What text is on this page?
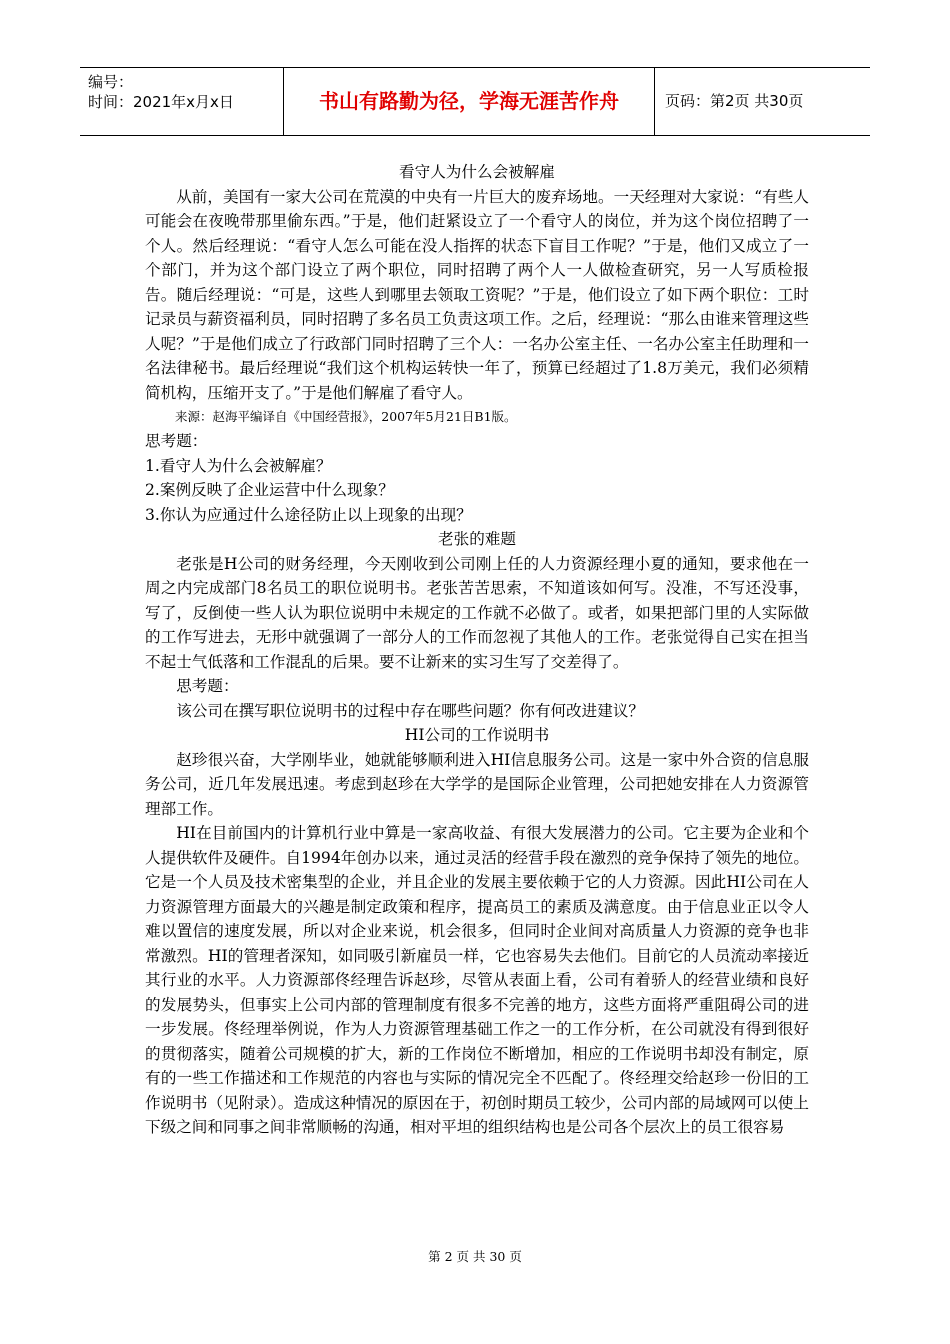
编号：
时间：2021年x月x日	书山有路勤为径，学海无涯苦作舟	页码：第2页 共30页

看守人为什么会被解雇

从前，美国有一家大公司在荒漠的中央有一片巨大的废弃场地。一天经理对大家说：“有些人可能会在夜晚带那里偷东西。”于是，他们赶紧设立了一个看守人的岗位，并为这个岗位招聘了一个人。然后经理说：“看守人怎么可能在没人指挥的状态下盲目工作呢？”于是，他们又成立了一个部门，并为这个部门设立了两个职位，同时招聘了两个人一人做检查研究，另一人写质检报告。随后经理说：“可是，这些人到哪里去领取工资呢？”于是，他们设立了如下两个职位：工时记录员与薪资福利员，同时招聘了多名员工负责这项工作。之后，经理说：“那么由谁来管理这些人呢？”于是他们成立了行政部门同时招聘了三个人：一名办公室主任、一名办公室主任助理和一名法律秘书。最后经理说“我们这个机构运转快一年了，预算已经超过了1.8万美元，我们必须精简机构，压缩开支了。”于是他们解雇了看守人。

来源：赵海平编译自《中国经营报》，2007年5月21日B1版。

思考题：

1.看守人为什么会被解雇？

2.案例反映了企业运营中什么现象？

3.你认为应通过什么途径防止以上现象的出现？

老张的难题

老张是H公司的财务经理，今天刚收到公司刚上任的人力资源经理小夏的通知，要求他在一周之内完成部门8名员工的职位说明书。老张苦苦思索，不知道该如何写。没准，不写还没事，写了，反倒使一些人认为职位说明中未规定的工作就不必做了。或者，如果把部门里的人实际做的工作写进去，无形中就强调了一部分人的工作而忽视了其他人的工作。老张觉得自己实在担当不起士气低落和工作混乱的后果。要不让新来的实习生写了交差得了。

思考题：

该公司在撰写职位说明书的过程中存在哪些问题？你有何改进建议？

HI公司的工作说明书

赵珍很兴奋，大学刚毕业，她就能够顺利进入HI信息服务公司。这是一家中外合资的信息服务公司，近几年发展迅速。考虑到赵珍在大学学的是国际企业管理，公司把她安排在人力资源管理部工作。

HI在目前国内的计算机行业中算是一家高收益、有很大发展潜力的公司。它主要为企业和个人提供软件及硬件。自1994年创办以来，通过灵活的经营手段在激烈的竞争保持了领先的地位。它是一个人员及技术密集型的企业，并且企业的发展主要依赖于它的人力资源。因此HI公司在人力资源管理方面最大的兴趣是制定政策和程序，提高员工的素质及满意度。由于信息业正以令人难以置信的速度发展，所以对企业来说，机会很多，但同时企业间对高质量人力资源的竞争也非常激烈。HI的管理者深知，如同吸引新雇员一样，它也容易失去他们。目前它的人员流动率接近其行业的水平。人力资源部佟经理告诉赵珍，尽管从表面上看，公司有着骄人的经营业绩和良好的发展势头，但事实上公司内部的管理制度有很多不完善的地方，这些方面将严重阻碍公司的进一步发展。佟经理举例说，作为人力资源管理基础工作之一的工作分析，在公司就没有得到很好的贯彻落实，随着公司规模的扩大，新的工作岗位不断增加，相应的工作说明书却没有制定，原有的一些工作描述和工作规范的内容也与实际的情况完全不匹配了。佟经理交给赵珍一份旧的工作说明书（见附录）。造成这种情况的原因在于，初创时期员工较少，公司内部的局域网可以使上下级之间和同事之间非常顺畅的沟通，相对平坦的组织结构也是公司各个层次上的员工很容易

第 2 页 共 30 页
